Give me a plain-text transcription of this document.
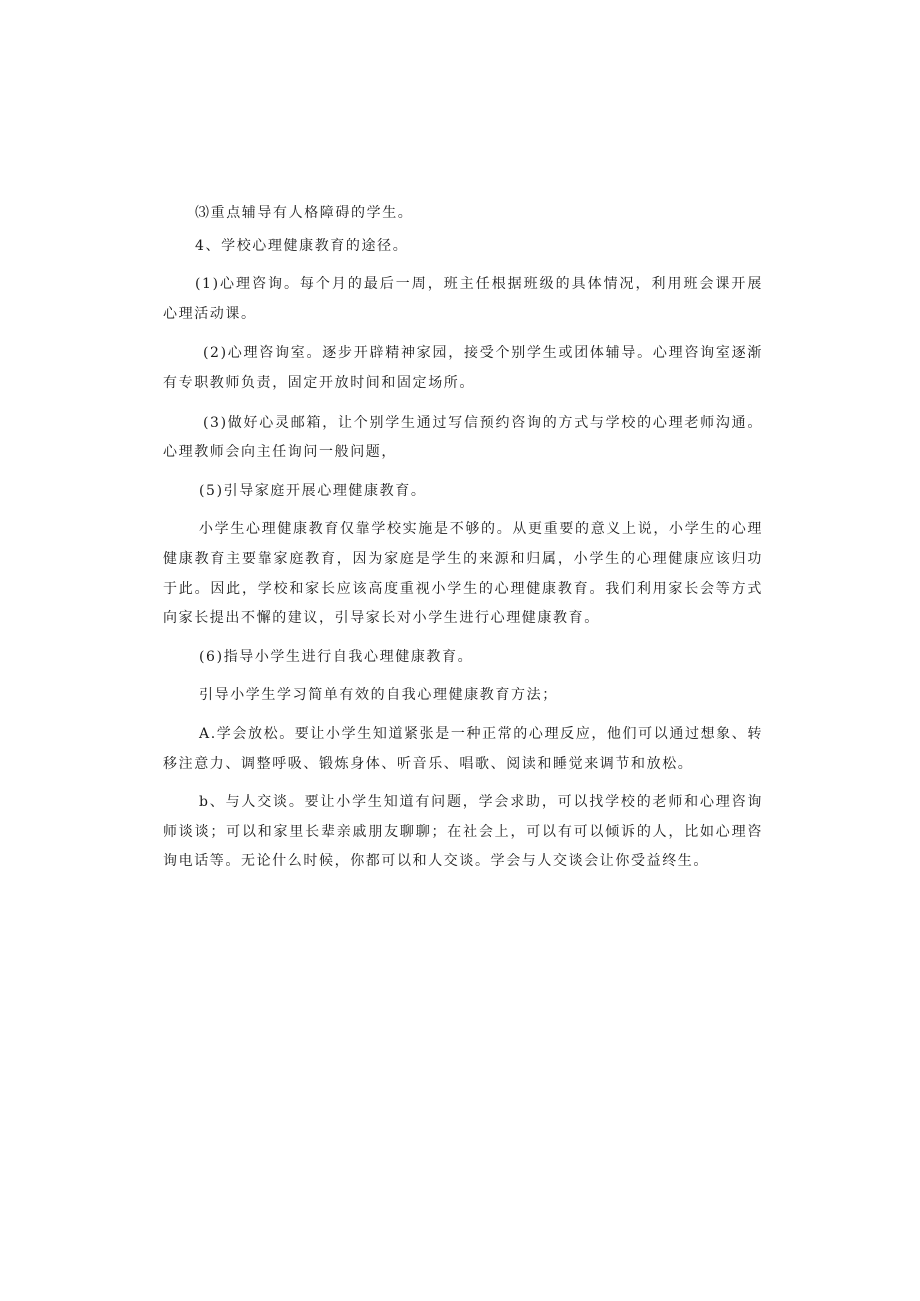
⑶重点辅导有人格障碍的学生。

4、学校心理健康教育的途径。

(1)心理咨询。每个月的最后一周，班主任根据班级的具体情况，利用班会课开展心理活动课。

(2)心理咨询室。逐步开辟精神家园，接受个别学生或团体辅导。心理咨询室逐渐有专职教师负责，固定开放时间和固定场所。

(3)做好心灵邮箱，让个别学生通过写信预约咨询的方式与学校的心理老师沟通。心理教师会向主任询问一般问题，

(5)引导家庭开展心理健康教育。

小学生心理健康教育仅靠学校实施是不够的。从更重要的意义上说，小学生的心理健康教育主要靠家庭教育，因为家庭是学生的来源和归属，小学生的心理健康应该归功于此。因此，学校和家长应该高度重视小学生的心理健康教育。我们利用家长会等方式向家长提出不懈的建议，引导家长对小学生进行心理健康教育。

(6)指导小学生进行自我心理健康教育。

引导小学生学习简单有效的自我心理健康教育方法；

A.学会放松。要让小学生知道紧张是一种正常的心理反应，他们可以通过想象、转移注意力、调整呼吸、锻炼身体、听音乐、唱歌、阅读和睡觉来调节和放松。

b、与人交谈。要让小学生知道有问题，学会求助，可以找学校的老师和心理咨询师谈谈；可以和家里长辈亲戚朋友聊聊；在社会上，可以有可以倾诉的人，比如心理咨询电话等。无论什么时候，你都可以和人交谈。学会与人交谈会让你受益终生。
